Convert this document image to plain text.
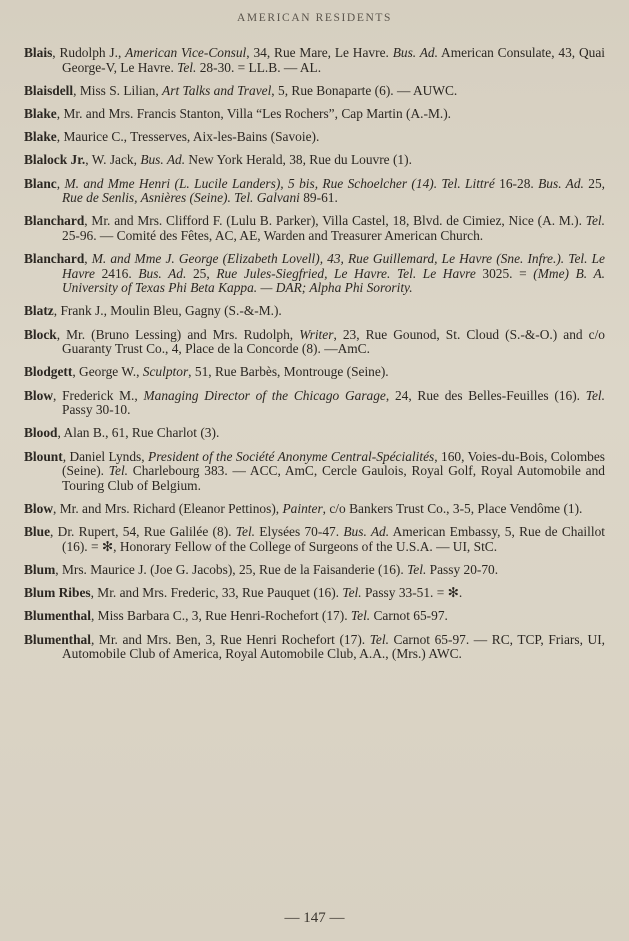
AMERICAN RESIDENTS
Blais, Rudolph J., American Vice-Consul, 34, Rue Mare, Le Havre. Bus. Ad. American Consulate, 43, Quai George-V, Le Havre. Tel. 28-30. = LL.B. — AL.
Blaisdell, Miss S. Lilian, Art Talks and Travel, 5, Rue Bonaparte (6). — AUWC.
Blake, Mr. and Mrs. Francis Stanton, Villa “Les Rochers”, Cap Martin (A.-M.).
Blake, Maurice C., Tresserves, Aix-les-Bains (Savoie).
Blalock Jr., W. Jack, Bus. Ad. New York Herald, 38, Rue du Louvre (1).
Blanc, M. and Mme Henri (L. Lucile Landers), 5 bis, Rue Schoelcher (14). Tel. Littré 16-28. Bus. Ad. 25, Rue de Senlis, Asnières (Seine). Tel. Galvani 89-61.
Blanchard, Mr. and Mrs. Clifford F. (Lulu B. Parker), Villa Castel, 18, Blvd. de Cimiez, Nice (A. M.). Tel. 25-96. — Comité des Fêtes, AC, AE, Warden and Treasurer American Church.
Blanchard, M. and Mme J. George (Elizabeth Lovell), 43, Rue Guillemard, Le Havre (Sne. Infre.). Tel. Le Havre 2416. Bus. Ad. 25, Rue Jules-Siegfried, Le Havre. Tel. Le Havre 3025. = (Mme) B. A. University of Texas Phi Beta Kappa. — DAR; Alpha Phi Sorority.
Blatz, Frank J., Moulin Bleu, Gagny (S.-&-M.).
Block, Mr. (Bruno Lessing) and Mrs. Rudolph, Writer, 23, Rue Gounod, St. Cloud (S.-&-O.) and c/o Guaranty Trust Co., 4, Place de la Concorde (8). —AmC.
Blodgett, George W., Sculptor, 51, Rue Barbès, Montrouge (Seine).
Blow, Frederick M., Managing Director of the Chicago Garage, 24, Rue des Belles-Feuilles (16). Tel. Passy 30-10.
Blood, Alan B., 61, Rue Charlot (3).
Blount, Daniel Lynds, President of the Société Anonyme Central-Spécialités, 160, Voies-du-Bois, Colombes (Seine). Tel. Charlebourg 383. — ACC, AmC, Cercle Gaulois, Royal Golf, Royal Automobile and Touring Club of Belgium.
Blow, Mr. and Mrs. Richard (Eleanor Pettinos), Painter, c/o Bankers Trust Co., 3-5, Place Vendôme (1).
Blue, Dr. Rupert, 54, Rue Galilée (8). Tel. Elysées 70-47. Bus. Ad. American Embassy, 5, Rue de Chaillot (16). = ✻, Honorary Fellow of the College of Surgeons of the U.S.A. — UI, StC.
Blum, Mrs. Maurice J. (Joe G. Jacobs), 25, Rue de la Faisanderie (16). Tel. Passy 20-70.
Blum Ribes, Mr. and Mrs. Frederic, 33, Rue Pauquet (16). Tel. Passy 33-51. = ✻.
Blumenthal, Miss Barbara C., 3, Rue Henri-Rochefort (17). Tel. Carnot 65-97.
Blumenthal, Mr. and Mrs. Ben, 3, Rue Henri Rochefort (17). Tel. Carnot 65-97. — RC, TCP, Friars, UI, Automobile Club of America, Royal Automobile Club, A.A., (Mrs.) AWC.
— 147 —
